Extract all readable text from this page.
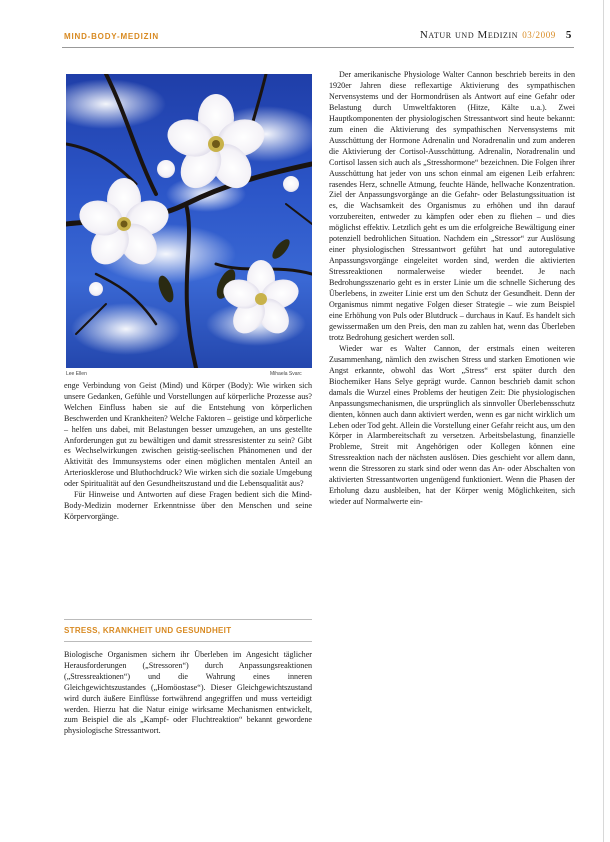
MIND-BODY-MEDIZIN	Natur und Medizin 03/2009 5
Lee Ellen	Mihaela Svarc

enge Verbindung von Geist (Mind) und Körper (Body): Wie wirken sich unsere Gedanken, Gefühle und Vorstellungen auf körperliche Prozesse aus? Welchen Einfluss haben sie auf die Entstehung von körperlichen Beschwerden und Krankheiten? Welche Faktoren – geistige und körperliche – helfen uns dabei, mit Belastungen besser umzugehen, an uns gestellte Anforderungen gut zu bewältigen und damit stressresistenter zu sein? Gibt es Wechselwirkungen zwischen geistig-seelischen Phänomenen und der Aktivität des Immunsystems oder einen möglichen mentalen Anteil an Arteriosklerose und Bluthochdruck? Wie wirken sich die soziale Umgebung oder Spiritualität auf den Gesundheitszustand und die Lebensqualität aus?

Für Hinweise und Antworten auf diese Fragen bedient sich die Mind-Body-Medizin moderner Erkenntnisse über den Menschen und seine Körpervorgänge.

STRESS, KRANKHEIT UND GESUNDHEIT

Biologische Organismen sichern ihr Überleben im Angesicht täglicher Herausforderungen („Stressoren“) durch Anpassungsreaktionen („Stressreaktionen“) und die Wahrung eines inneren Gleichgewichtszustandes („Homöostase“). Dieser Gleichgewichtszustand wird durch äußere Einflüsse fortwährend angegriffen und muss verteidigt werden. Hierzu hat die Natur einige wirksame Mechanismen entwickelt, zum Beispiel die als „Kampf- oder Fluchtreaktion“ bekannt gewordene physiologische Stressantwort.

Der amerikanische Physiologe Walter Cannon beschrieb bereits in den 1920er Jahren diese reflexartige Aktivierung des sympathischen Nervensystems und der Hormondrüsen als Antwort auf eine Gefahr oder Belastung durch Umweltfaktoren (Hitze, Kälte u.a.). Zwei Hauptkomponenten der physiologischen Stressantwort sind heute bekannt: zum einen die Aktivierung des sympathischen Nervensystems mit Ausschüttung der Hormone Adrenalin und Noradrenalin und zum anderen die Aktivierung der Cortisol-Ausschüttung. Adrenalin, Noradrenalin und Cortisol lassen sich auch als „Stresshormone“ bezeichnen. Die Folgen ihrer Ausschüttung hat jeder von uns schon einmal am eigenen Leib erfahren: rasendes Herz, schnelle Atmung, feuchte Hände, hellwache Konzentration. Ziel der Anpassungsvorgänge an die Gefahr- oder Belastungssituation ist es, die Wachsamkeit des Organismus zu erhöhen und ihn darauf vorzubereiten, entweder zu kämpfen oder eben zu fliehen – und dies möglichst effektiv. Letztlich geht es um die erfolgreiche Bewältigung einer potenziell bedrohlichen Situation. Nachdem ein „Stressor“ zur Auslösung einer physiologischen Stressantwort geführt hat und autoregulative Anpassungsvorgänge eingeleitet worden sind, werden die aktivierten Stressreaktionen normalerweise wieder beendet. Je nach Bedrohungsszenario geht es in erster Linie um die schnelle Sicherung des Überlebens, in zweiter Linie erst um den Schutz der Gesundheit. Denn der Organismus nimmt negative Folgen dieser Strategie – wie zum Beispiel eine Erhöhung von Puls oder Blutdruck – durchaus in Kauf. Es handelt sich gewissermaßen um den Preis, den man zu zahlen hat, wenn das Überleben trotz Bedrohung gesichert werden soll.

Wieder war es Walter Cannon, der erstmals einen weiteren Zusammenhang, nämlich den zwischen Stress und starken Emotionen wie Angst erkannte, obwohl das Wort „Stress“ erst später durch den Biochemiker Hans Selye geprägt wurde. Cannon beschrieb damit schon damals die Wurzel eines Problems der heutigen Zeit: Die physiologischen Anpassungsmechanismen, die ursprünglich als sinnvoller Überlebensschutz dienten, können auch dann aktiviert werden, wenn es gar nicht wirklich um Leben oder Tod geht. Allein die Vorstellung einer Gefahr reicht aus, um den Körper in Alarmbereitschaft zu versetzen. Arbeitsbelastung, finanzielle Probleme, Streit mit Angehörigen oder Kollegen können eine Stressreaktion nach der nächsten auslösen. Dies geschieht vor allem dann, wenn die Stressoren zu stark sind oder wenn das An- oder Abschalten von aktivierten Stressantworten ungenügend funktioniert. Wenn die Phasen der Erholung dazu ausbleiben, hat der Körper wenig Möglichkeiten, sich wieder auf Normalwerte ein-
